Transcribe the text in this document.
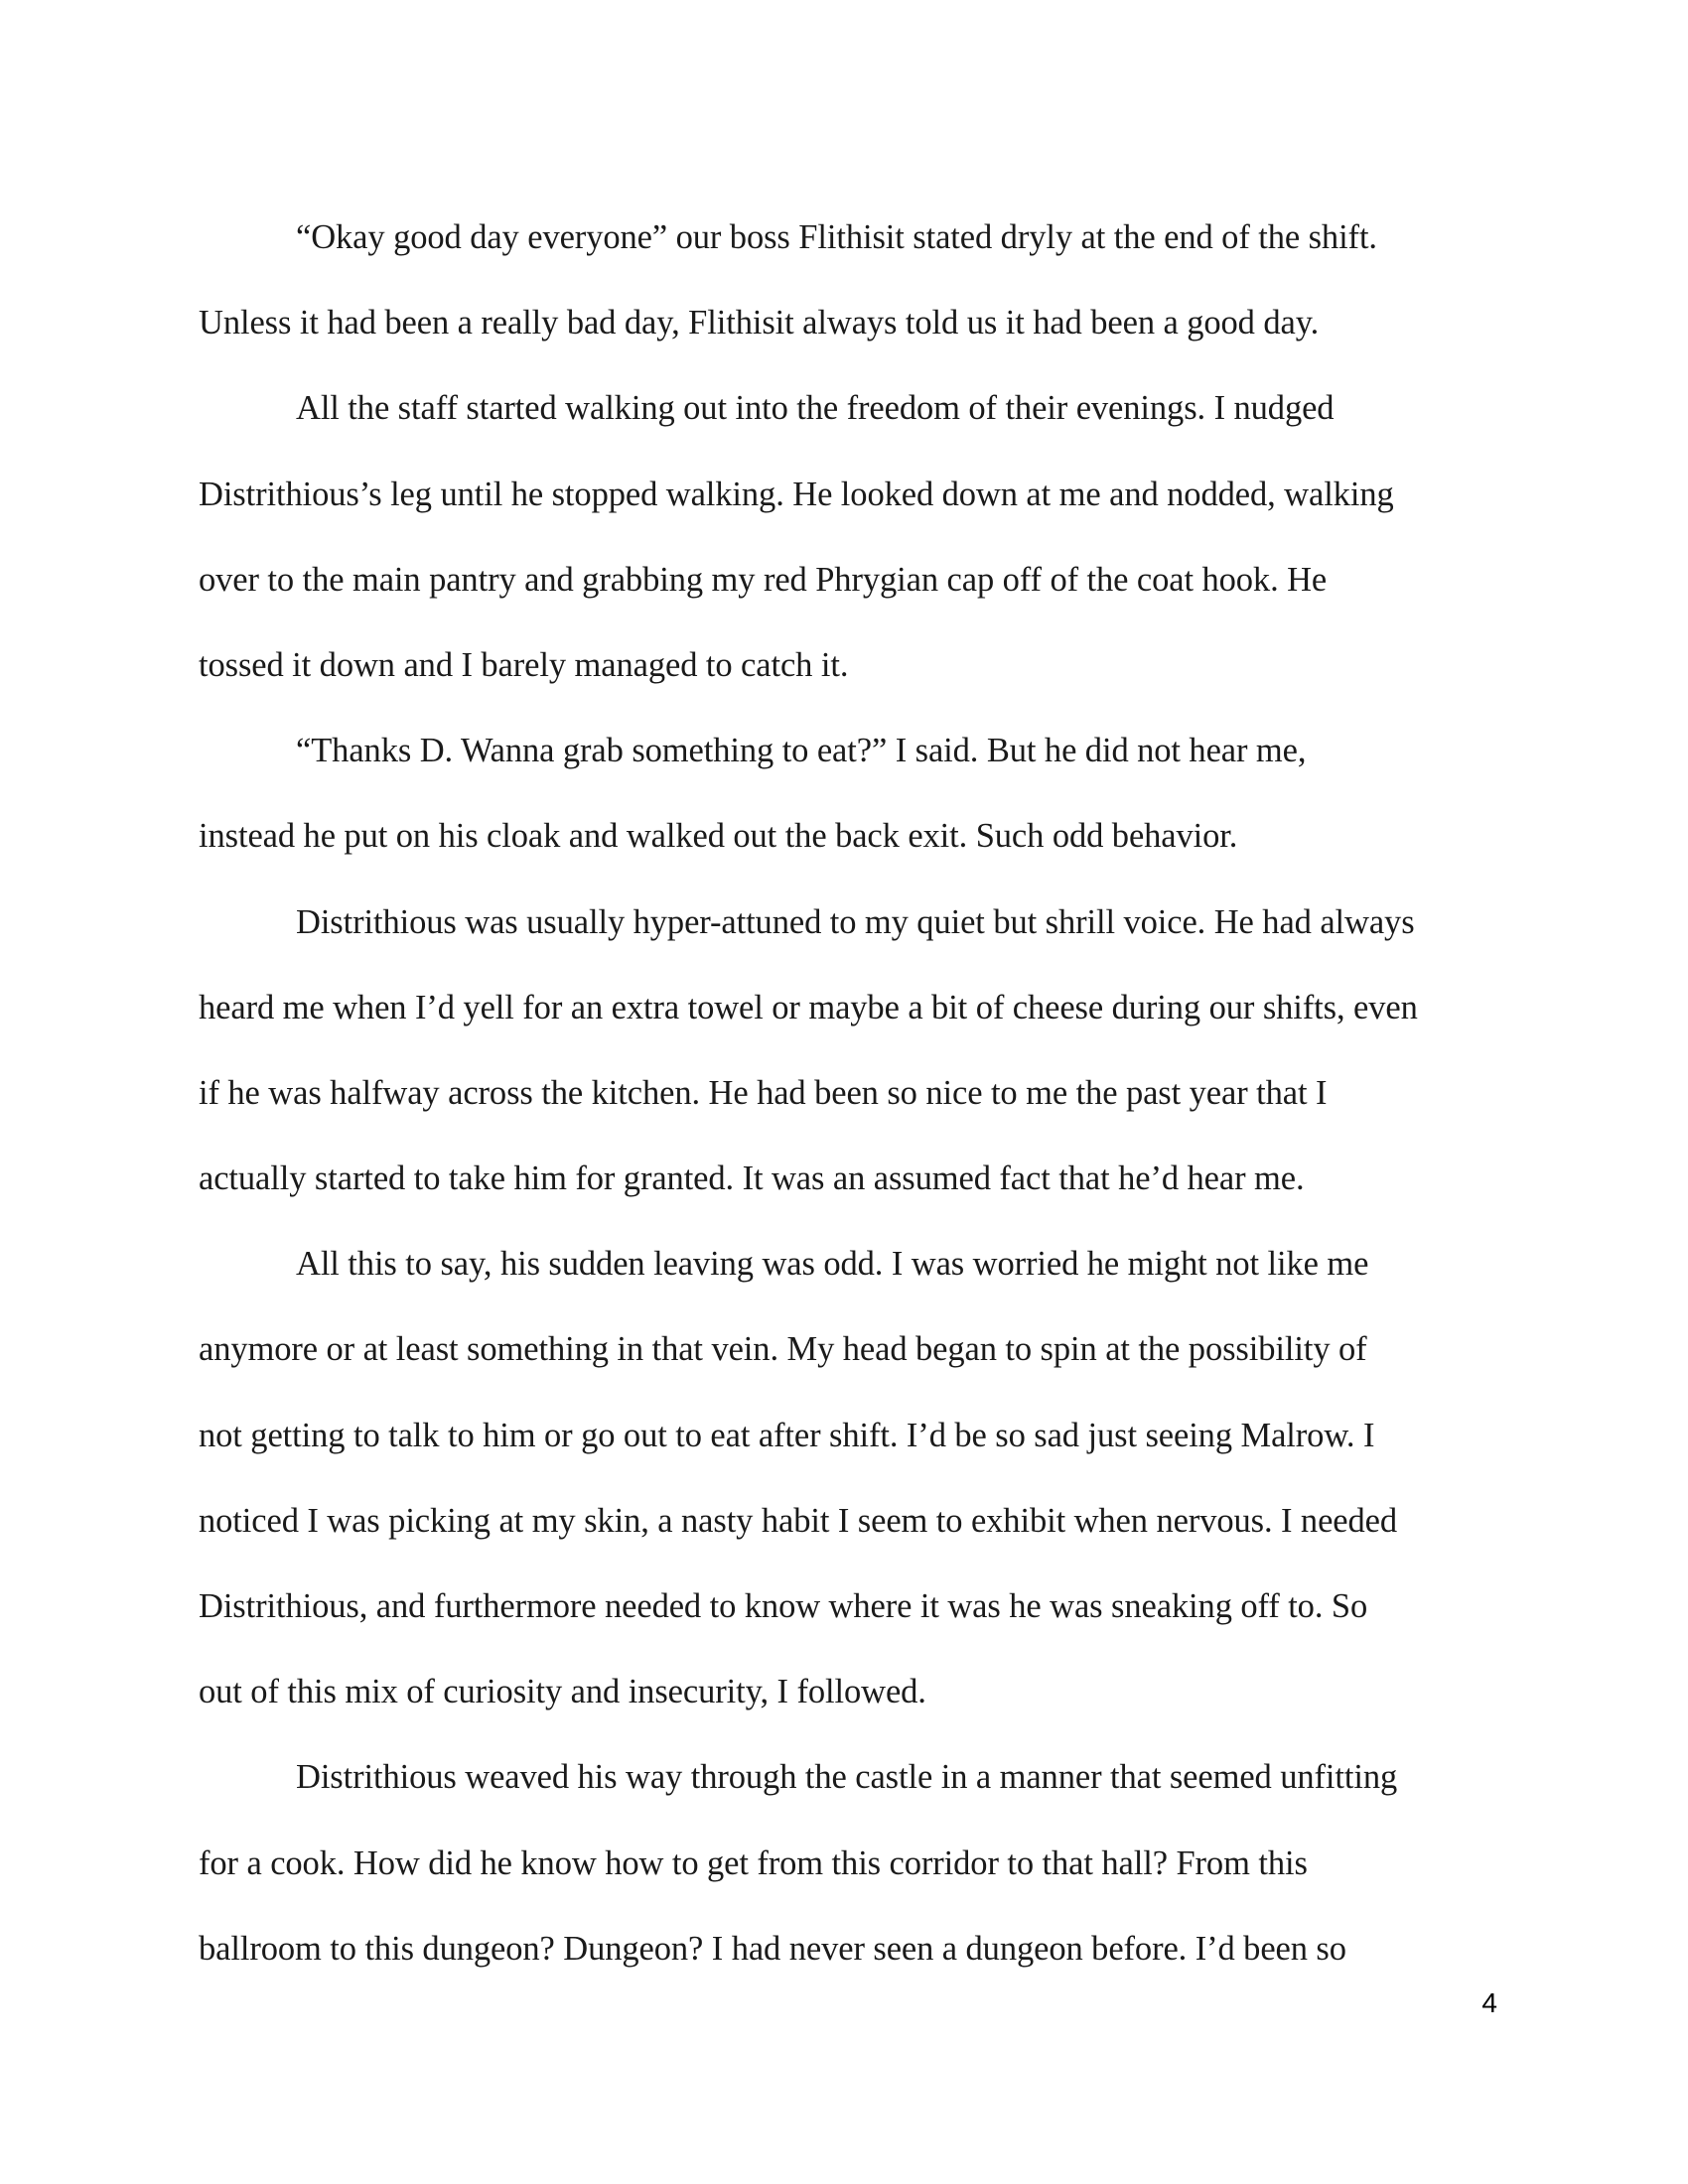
“Okay good day everyone” our boss Flithisit stated dryly at the end of the shift.
Unless it had been a really bad day, Flithisit always told us it had been a good day.
All the staff started walking out into the freedom of their evenings. I nudged
Distrithious’s leg until he stopped walking. He looked down at me and nodded, walking
over to the main pantry and grabbing my red Phrygian cap off of the coat hook. He
tossed it down and I barely managed to catch it.
“Thanks D. Wanna grab something to eat?” I said. But he did not hear me,
instead he put on his cloak and walked out the back exit. Such odd behavior.
Distrithious was usually hyper-attuned to my quiet but shrill voice. He had always
heard me when I’d yell for an extra towel or maybe a bit of cheese during our shifts, even
if he was halfway across the kitchen. He had been so nice to me the past year that I
actually started to take him for granted. It was an assumed fact that he’d hear me.
All this to say, his sudden leaving was odd. I was worried he might not like me
anymore or at least something in that vein. My head began to spin at the possibility of
not getting to talk to him or go out to eat after shift. I’d be so sad just seeing Malrow. I
noticed I was picking at my skin, a nasty habit I seem to exhibit when nervous. I needed
Distrithious, and furthermore needed to know where it was he was sneaking off to. So
out of this mix of curiosity and insecurity, I followed.
Distrithious weaved his way through the castle in a manner that seemed unfitting
for a cook. How did he know how to get from this corridor to that hall? From this
ballroom to this dungeon? Dungeon? I had never seen a dungeon before. I’d been so
4
